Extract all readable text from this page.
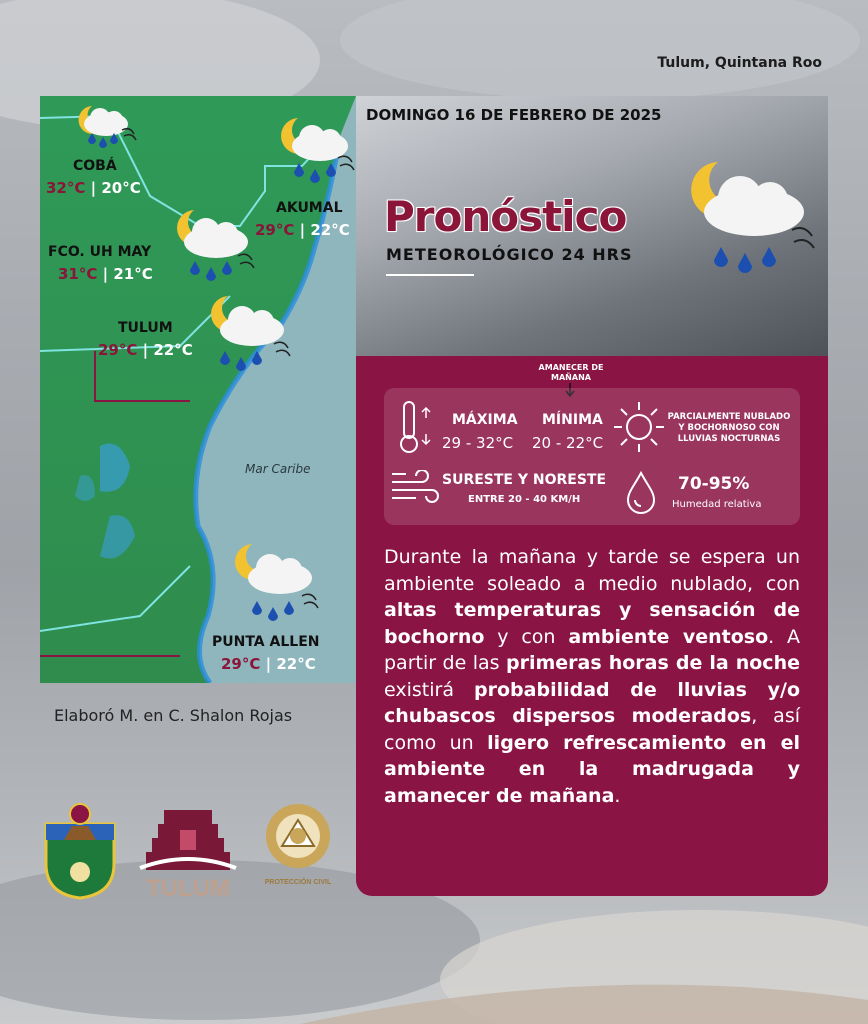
Tulum, Quintana Roo
Mar Caribe
COBÁ
32°C | 20°C
AKUMAL
29°C | 22°C
FCO. UH MAY
31°C | 21°C
TULUM
29°C | 22°C
PUNTA ALLEN
29°C | 22°C
DOMINGO 16 DE FEBRERO DE 2025
Pronóstico
METEOROLÓGICO 24 HRS
AMANECER DE MAÑANA
MÁXIMA
29 - 32°C
MÍNIMA
20 - 22°C
PARCIALMENTE NUBLADO Y BOCHORNOSO CON LLUVIAS NOCTURNAS
SURESTE Y NORESTE
ENTRE 20 - 40 KM/H
70-95%
Humedad relativa
Durante la mañana y tarde se espera un ambiente soleado a medio nublado, con altas temperaturas y sensación de bochorno y con ambiente ventoso. A partir de las primeras horas de la noche existirá probabilidad de lluvias y/o chubascos dispersos moderados, así como un ligero refrescamiento en el ambiente en la madrugada y amanecer de mañana.
Elaboró M. en C. Shalon Rojas
TULUM	PROTECCIÓN CIVIL
